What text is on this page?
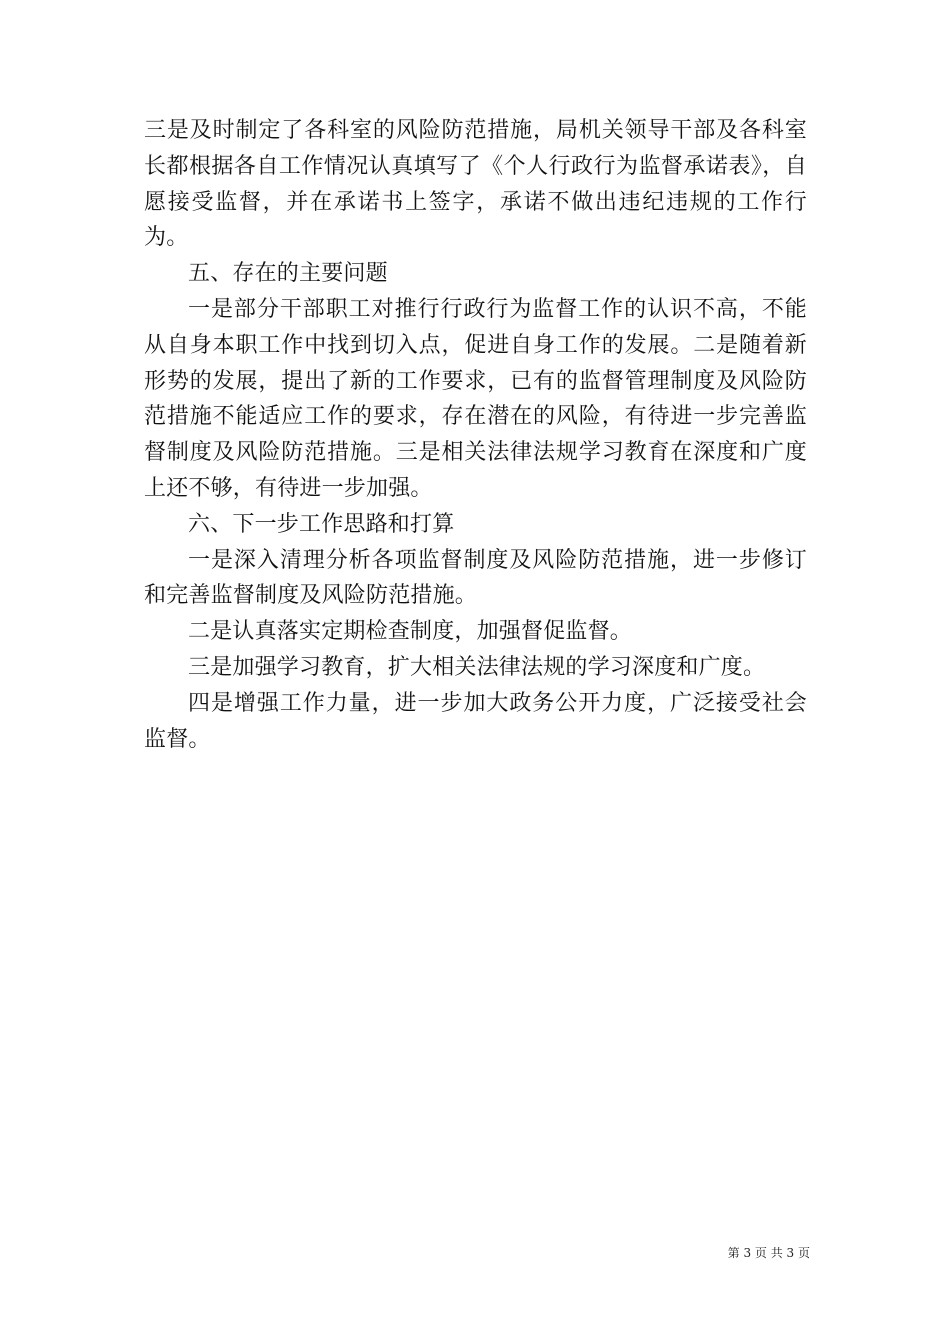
三是及时制定了各科室的风险防范措施，局机关领导干部及各科室长都根据各自工作情况认真填写了《个人行政行为监督承诺表》，自愿接受监督，并在承诺书上签字，承诺不做出违纪违规的工作行为。

五、存在的主要问题

一是部分干部职工对推行行政行为监督工作的认识不高，不能从自身本职工作中找到切入点，促进自身工作的发展。二是随着新形势的发展，提出了新的工作要求，已有的监督管理制度及风险防范措施不能适应工作的要求，存在潜在的风险，有待进一步完善监督制度及风险防范措施。三是相关法律法规学习教育在深度和广度上还不够，有待进一步加强。

六、下一步工作思路和打算

一是深入清理分析各项监督制度及风险防范措施，进一步修订和完善监督制度及风险防范措施。

二是认真落实定期检查制度，加强督促监督。

三是加强学习教育，扩大相关法律法规的学习深度和广度。

四是增强工作力量，进一步加大政务公开力度，广泛接受社会监督。

第 3 页 共 3 页
